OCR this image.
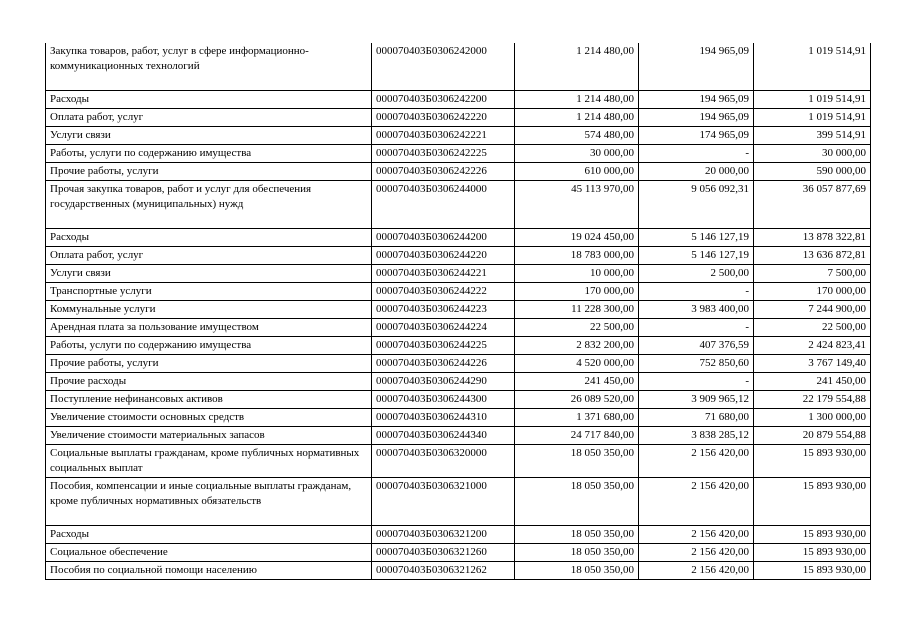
Закупка товаров, работ, услуг в сфере информационно-коммуникационных технологий	000070403Б0306242000	1 214 480,00	194 965,09	1 019 514,91
Расходы	000070403Б0306242200	1 214 480,00	194 965,09	1 019 514,91
Оплата работ, услуг	000070403Б0306242220	1 214 480,00	194 965,09	1 019 514,91
Услуги связи	000070403Б0306242221	574 480,00	174 965,09	399 514,91
Работы, услуги по содержанию имущества	000070403Б0306242225	30 000,00	-	30 000,00
Прочие работы, услуги	000070403Б0306242226	610 000,00	20 000,00	590 000,00
Прочая закупка товаров, работ и услуг для обеспечения государственных (муниципальных) нужд	000070403Б0306244000	45 113 970,00	9 056 092,31	36 057 877,69
Расходы	000070403Б0306244200	19 024 450,00	5 146 127,19	13 878 322,81
Оплата работ, услуг	000070403Б0306244220	18 783 000,00	5 146 127,19	13 636 872,81
Услуги связи	000070403Б0306244221	10 000,00	2 500,00	7 500,00
Транспортные услуги	000070403Б0306244222	170 000,00	-	170 000,00
Коммунальные услуги	000070403Б0306244223	11 228 300,00	3 983 400,00	7 244 900,00
Арендная плата за пользование имуществом	000070403Б0306244224	22 500,00	-	22 500,00
Работы, услуги по содержанию имущества	000070403Б0306244225	2 832 200,00	407 376,59	2 424 823,41
Прочие работы, услуги	000070403Б0306244226	4 520 000,00	752 850,60	3 767 149,40
Прочие расходы	000070403Б0306244290	241 450,00	-	241 450,00
Поступление нефинансовых активов	000070403Б0306244300	26 089 520,00	3 909 965,12	22 179 554,88
Увеличение стоимости основных средств	000070403Б0306244310	1 371 680,00	71 680,00	1 300 000,00
Увеличение стоимости материальных запасов	000070403Б0306244340	24 717 840,00	3 838 285,12	20 879 554,88
Социальные выплаты гражданам, кроме публичных нормативных социальных выплат	000070403Б0306320000	18 050 350,00	2 156 420,00	15 893 930,00
Пособия, компенсации и иные социальные выплаты гражданам, кроме публичных нормативных обязательств	000070403Б0306321000	18 050 350,00	2 156 420,00	15 893 930,00
Расходы	000070403Б0306321200	18 050 350,00	2 156 420,00	15 893 930,00
Социальное обеспечение	000070403Б0306321260	18 050 350,00	2 156 420,00	15 893 930,00
Пособия по социальной помощи населению	000070403Б0306321262	18 050 350,00	2 156 420,00	15 893 930,00
